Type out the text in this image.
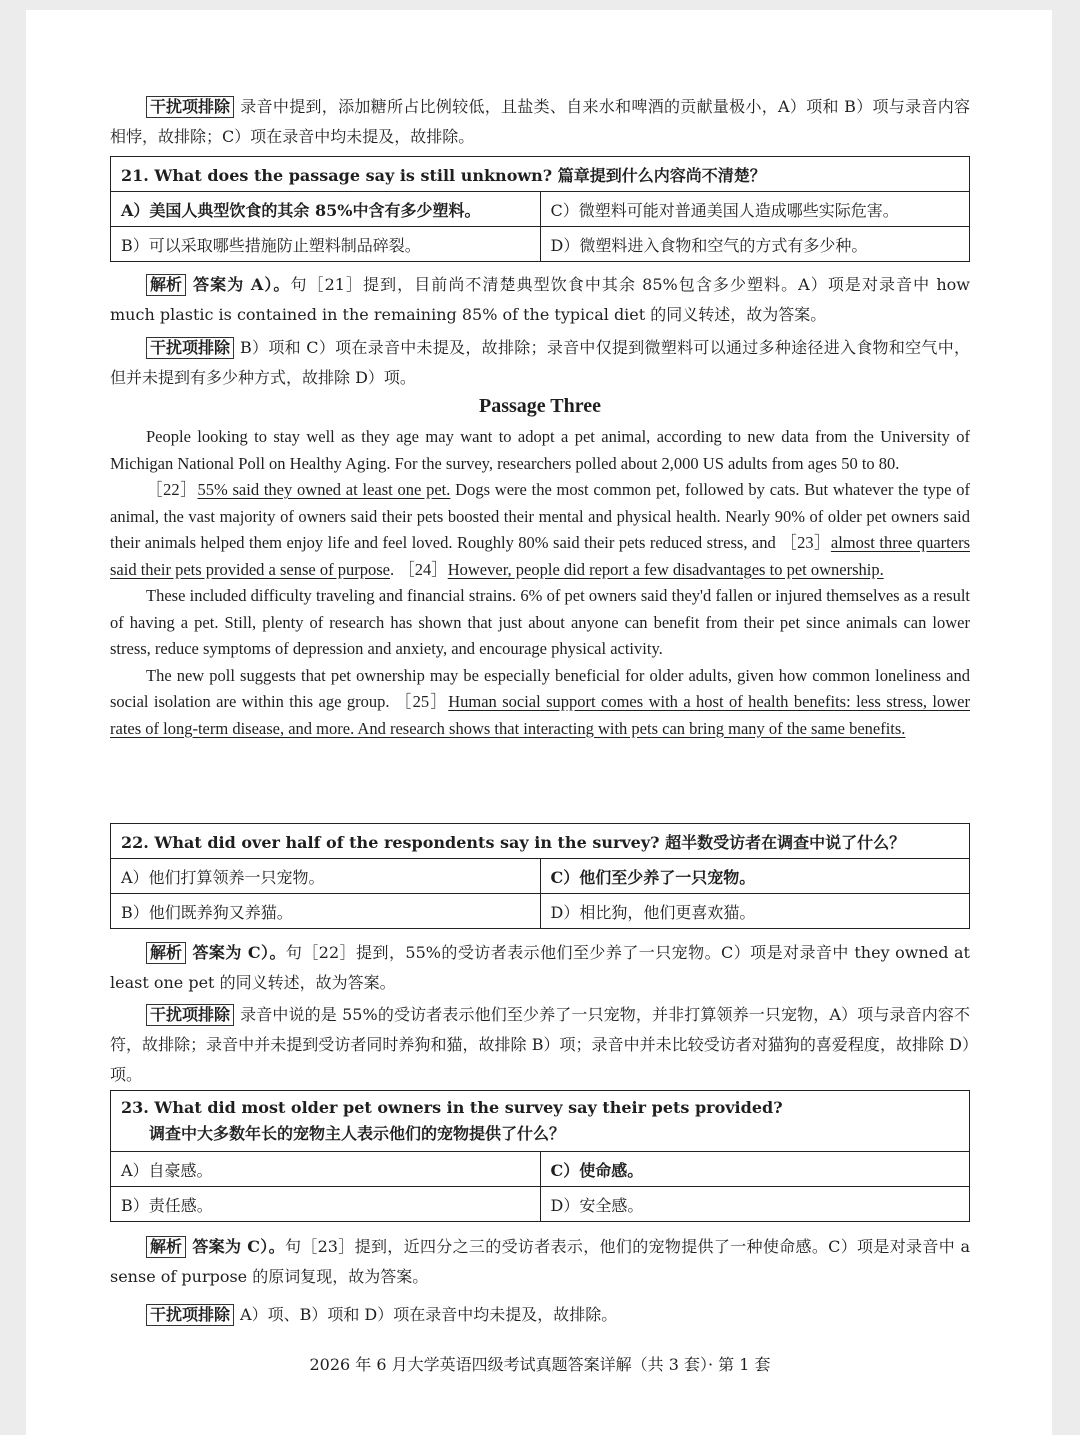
干扰项排除 录音中提到，添加糖所占比例较低，且盐类、自来水和啤酒的贡献量极小，A）项和 B）项与录音内容相悖，故排除；C）项在录音中均未提及，故排除。
21. What does the passage say is still unknown? 篇章提到什么内容尚不清楚？	
A）美国人典型饮食的其余 85%中含有多少塑料。	C）微塑料可能对普通美国人造成哪些实际危害。
B）可以采取哪些措施防止塑料制品碎裂。	D）微塑料进入食物和空气的方式有多少种。
解析 答案为 A）。句［21］提到，目前尚不清楚典型饮食中其余 85%包含多少塑料。A）项是对录音中 how much plastic is contained in the remaining 85% of the typical diet 的同义转述，故为答案。
干扰项排除 B）项和 C）项在录音中未提及，故排除；录音中仅提到微塑料可以通过多种途径进入食物和空气中，但并未提到有多少种方式，故排除 D）项。
Passage Three
People looking to stay well as they age may want to adopt a pet animal, according to new data from the University of Michigan National Poll on Healthy Aging. For the survey, researchers polled about 2,000 US adults from ages 50 to 80.
［22］55% said they owned at least one pet. Dogs were the most common pet, followed by cats. But whatever the type of animal, the vast majority of owners said their pets boosted their mental and physical health. Nearly 90% of older pet owners said their animals helped them enjoy life and feel loved. Roughly 80% said their pets reduced stress, and ［23］almost three quarters said their pets provided a sense of purpose. ［24］However, people did report a few disadvantages to pet ownership.
These included difficulty traveling and financial strains. 6% of pet owners said they'd fallen or injured themselves as a result of having a pet. Still, plenty of research has shown that just about anyone can benefit from their pet since animals can lower stress, reduce symptoms of depression and anxiety, and encourage physical activity.
The new poll suggests that pet ownership may be especially beneficial for older adults, given how common loneliness and social isolation are within this age group. ［25］Human social support comes with a host of health benefits: less stress, lower rates of long-term disease, and more. And research shows that interacting with pets can bring many of the same benefits.
22. What did over half of the respondents say in the survey? 超半数受访者在调查中说了什么？	
A）他们打算领养一只宠物。	C）他们至少养了一只宠物。
B）他们既养狗又养猫。	D）相比狗，他们更喜欢猫。
解析 答案为 C）。句［22］提到，55%的受访者表示他们至少养了一只宠物。C）项是对录音中 they owned at least one pet 的同义转述，故为答案。
干扰项排除 录音中说的是 55%的受访者表示他们至少养了一只宠物，并非打算领养一只宠物，A）项与录音内容不符，故排除；录音中并未提到受访者同时养狗和猫，故排除 B）项；录音中并未比较受访者对猫狗的喜爱程度，故排除 D）项。
23. What did most older pet owners in the survey say their pets provided?
调查中大多数年长的宠物主人表示他们的宠物提供了什么？	

A）自豪感。	C）使命感。
B）责任感。	D）安全感。
解析 答案为 C）。句［23］提到，近四分之三的受访者表示，他们的宠物提供了一种使命感。C）项是对录音中 a sense of purpose 的原词复现，故为答案。
干扰项排除 A）项、B）项和 D）项在录音中均未提及，故排除。
2026 年 6 月大学英语四级考试真题答案详解（共 3 套）· 第 1 套
